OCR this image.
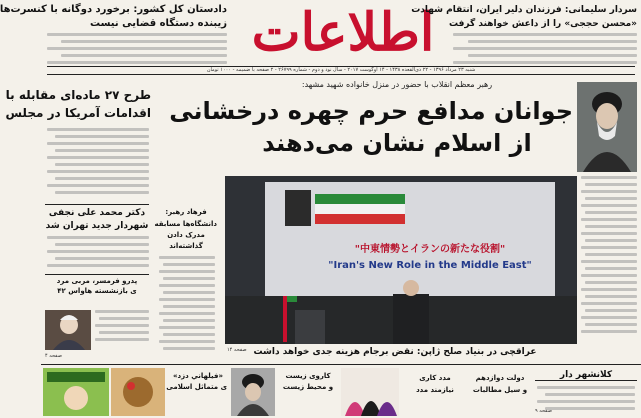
دادستان کل کشور: برخورد دوگانه با کنسرت‌ها
زیبنده دستگاه قضایی نیست اطلاعات
سردار سلیمانی: فرزندان دلیر ایران، انتقام شهادت
«محسن حججی» را از داعش خواهند گرفت
شنبه ۲۳ مرداد ۱۳۹۶ - ۲۲ ذی‌القعده ۱۴۳۸ - ۱۴ اوگوست ۲۰۱۷ - سال نود و دوم - شماره ۲۶۷۹۹ - ۲ صفحه با ضمیمه - ۱۰۰۰ تومان
طرح ۲۷ ماده‌ای مقابله با
اقدامات آمریکا در مجلس
دکتر محمد علی نجفی
شهردار جدید تهران شد
پدرو فرمسر، مربی مرد
ی بازنشسته هاواس ۴۲
صفحه ۴
فرهاد رهبر:
دانشگاه‌ها مسابقه
مدرک دادن
گذاشته‌اند
رهبر معظم انقلاب با حضور در منزل خانواده شهید مشهد:
جوانان مدافع حرم چهره درخشانی
از اسلام نشان می‌دهند
"中東情勢とイランの新たな役割"
"Iran's New Role in the Middle East"
عراقچی در بنیاد صلح ژاپن: نقض برجام هزینه جدی خواهد داشت
صفحه ۱۴
«فيلهاني دزد»
ی متماثل اسلامی
کاروی زیست
و محیط زیست
مدد کاری
نیازمند مدد
دولت دوازدهم
و سیل مطالبات
کلانشهر دار
صفحه ۹
